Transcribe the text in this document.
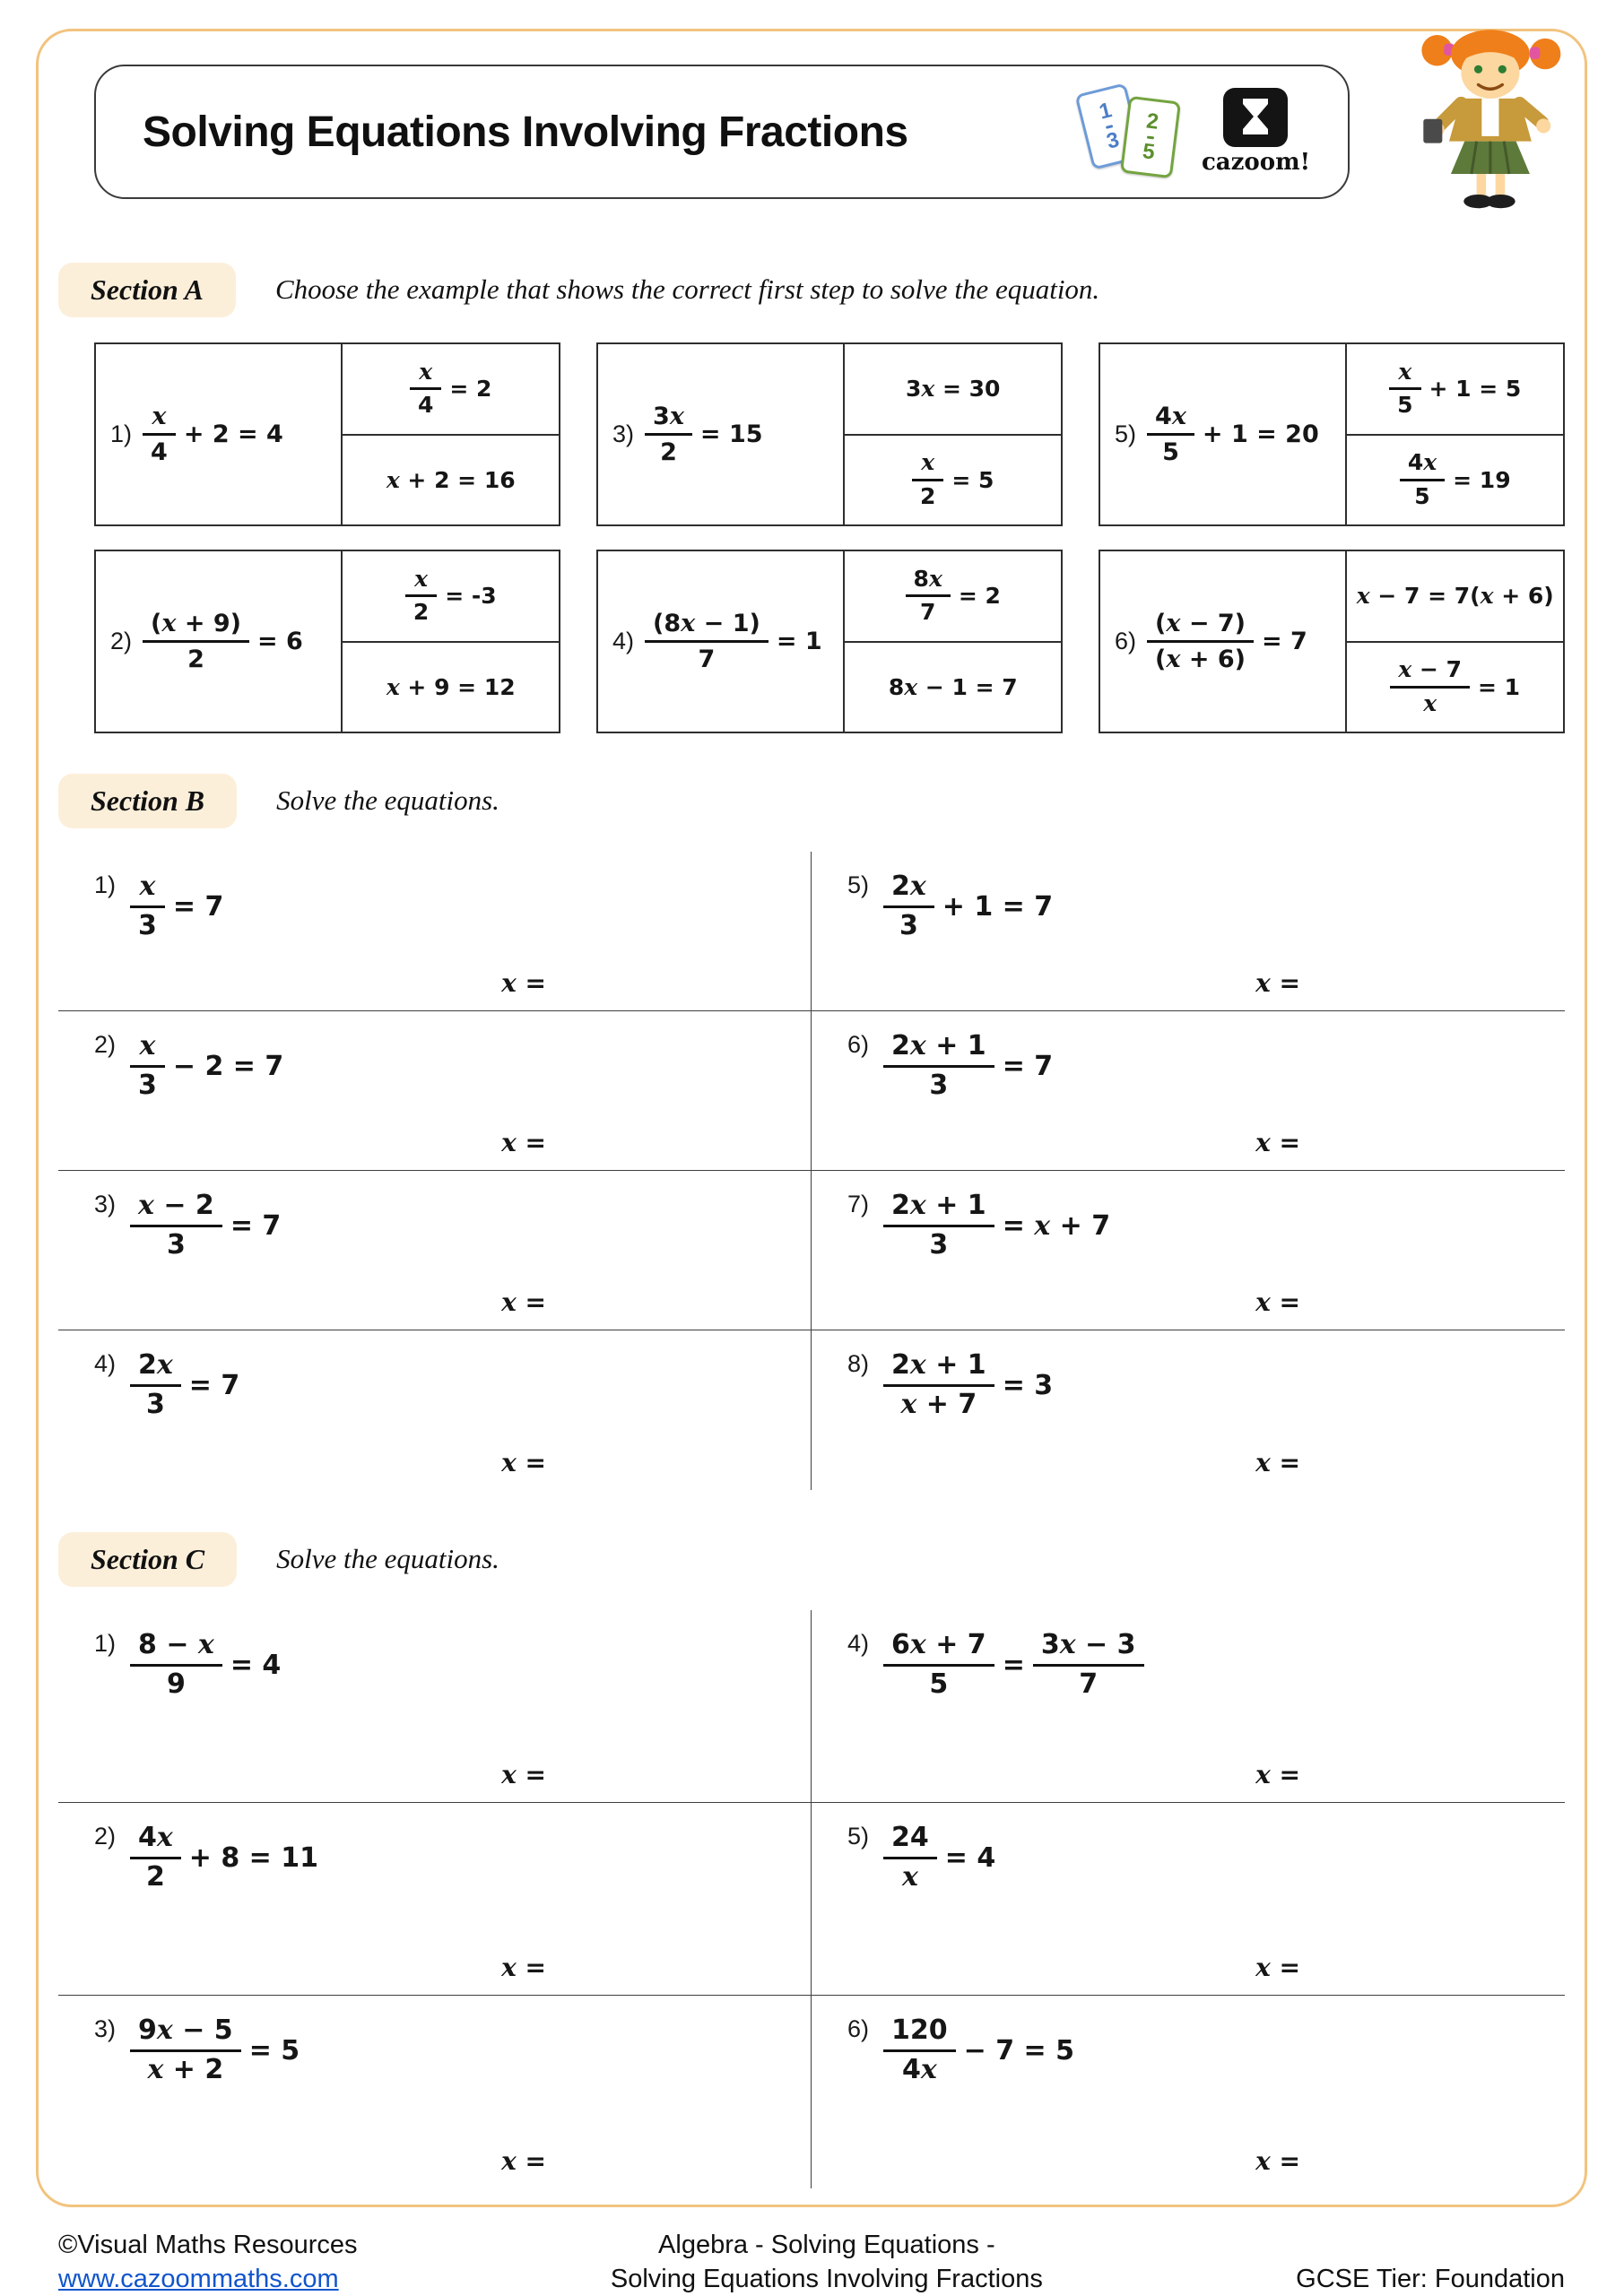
Solving Equations Involving Fractions	1
3
2
5 cazoom!
Section A	Choose the example that shows the correct first step to solve the equation.
$1) \frac{x}{4} + 2 = 4$
$\frac{x}{4} = 2$
x + 2 = 16
$3) \frac{3x}{2} = 15$
3x = 30
$\frac{x}{2} = 5$
$5) \frac{4x}{5} + 1 = 20$
$\frac{x}{5} + 1 = 5$
$\frac{4x}{5} = 19$
$2) \frac{(x + 9)}{2} = 6$
$\frac{x}{2} = -3$
x + 9 = 12
$4) \frac{(8x - 1)}{7} = 1$
$\frac{8x}{7} = 2$
8x − 1 = 7
$6) \frac{(x - 7)}{(x + 6)} = 7$
x − 7 = 7(x + 6)
$\frac{x - 7}{x} = 1$
Section B	Solve the equations.
$1) \frac{x}{3} = 7$
x =
$5) \frac{2x}{3} + 1 = 7$
x =
$2) \frac{x}{3} - 2 = 7$
x =
$6) \frac{2x + 1}{3} = 7$
x =
$3) \frac{x - 2}{3} = 7$
x =
$7) \frac{2x + 1}{3} = x + 7$
x =
$4) \frac{2x}{3} = 7$
x =
$8) \frac{2x + 1}{x + 7} = 3$
x =
Section C	Solve the equations.
$1) \frac{8 - x}{9} = 4$
x =
$4) \frac{6x + 7}{5} = \frac{3x - 3}{7}$
x =
$2) \frac{4x}{2} + 8 = 11$
x =
$5) \frac{24}{x} = 4$
x =
$3) \frac{9x - 5}{x + 2} = 5$
x =
$6) \frac{120}{4x} - 7 = 5$
x =
©Visual Maths Resources
www.cazoommaths.com
Algebra - Solving Equations -
Solving Equations Involving Fractions	GCSE Tier: Foundation
